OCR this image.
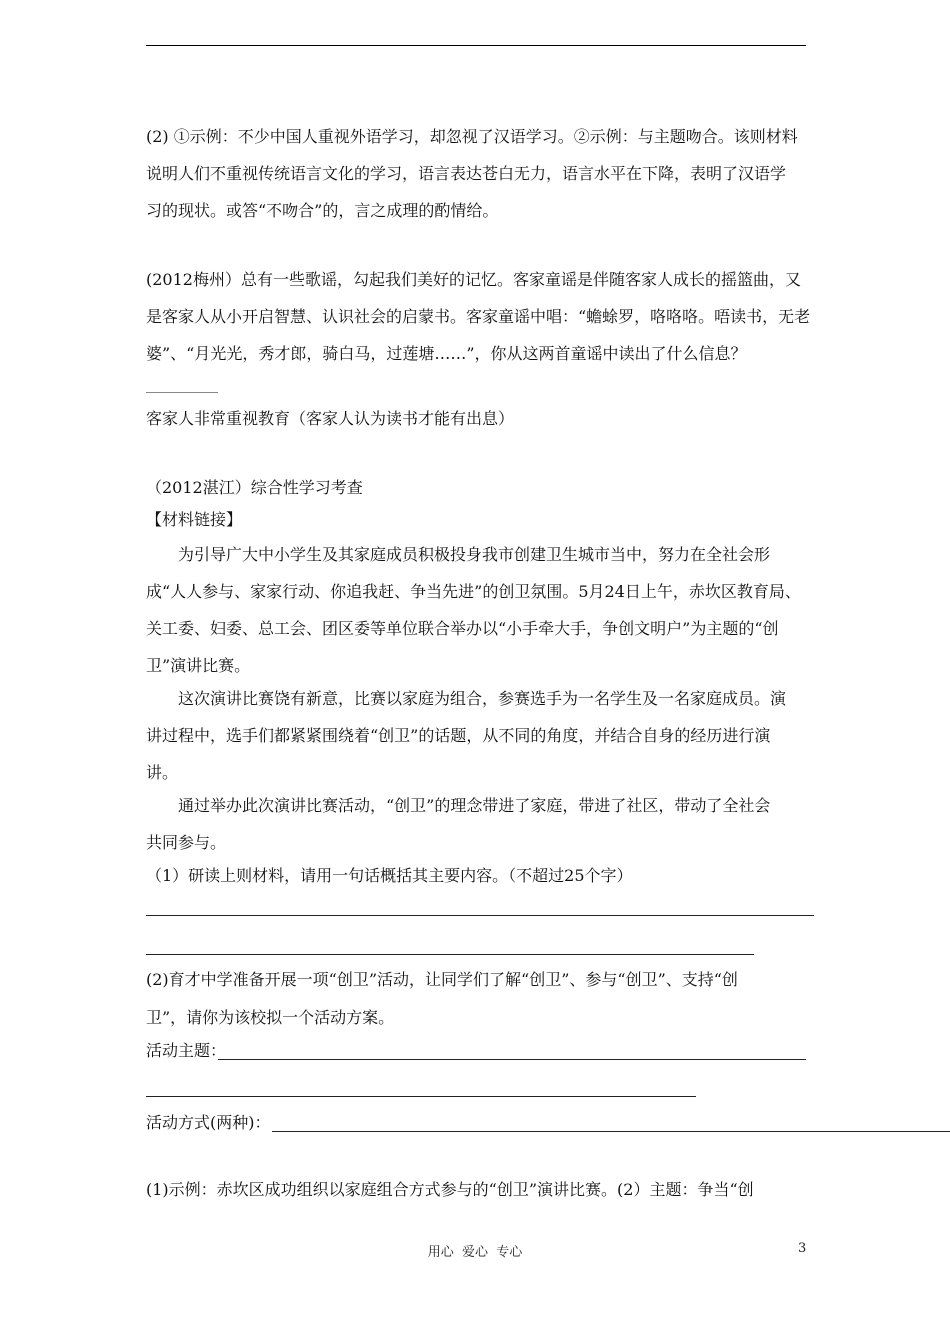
(2) ①示例：不少中国人重视外语学习，却忽视了汉语学习。②示例：与主题吻合。该则材料
说明人们不重视传统语言文化的学习，语言表达苍白无力，语言水平在下降，表明了汉语学
习的现状。或答“不吻合”的，言之成理的酌情给。
(2012梅州）总有一些歌谣，勾起我们美好的记忆。客家童谣是伴随客家人成长的摇篮曲，又
是客家人从小开启智慧、认识社会的启蒙书。客家童谣中唱：“蟾蜍罗，咯咯咯。唔读书，无老
婆”、“月光光，秀才郎，骑白马，过莲塘……”，你从这两首童谣中读出了什么信息？
客家人非常重视教育（客家人认为读书才能有出息）
（2012湛江）综合性学习考查
【材料链接】
为引导广大中小学生及其家庭成员积极投身我市创建卫生城市当中，努力在全社会形
成“人人参与、家家行动、你追我赶、争当先进”的创卫氛围。5月24日上午，赤坎区教育局、
关工委、妇委、总工会、团区委等单位联合举办以“小手牵大手，争创文明户”为主题的“创
卫”演讲比赛。
这次演讲比赛饶有新意，比赛以家庭为组合，参赛选手为一名学生及一名家庭成员。演
讲过程中，选手们都紧紧围绕着“创卫”的话题，从不同的角度，并结合自身的经历进行演
讲。
通过举办此次演讲比赛活动，“创卫”的理念带进了家庭，带进了社区，带动了全社会
共同参与。
（1）研读上则材料，请用一句话概括其主要内容。（不超过25个字）
(2)育才中学准备开展一项“创卫”活动，让同学们了解“创卫”、参与“创卫”、支持“创
卫”，请你为该校拟一个活动方案。
活动主题：
活动方式(两种)：
(1)示例：赤坎区成功组织以家庭组合方式参与的“创卫”演讲比赛。(2）主题：争当“创
用心  爱心  专心	3
